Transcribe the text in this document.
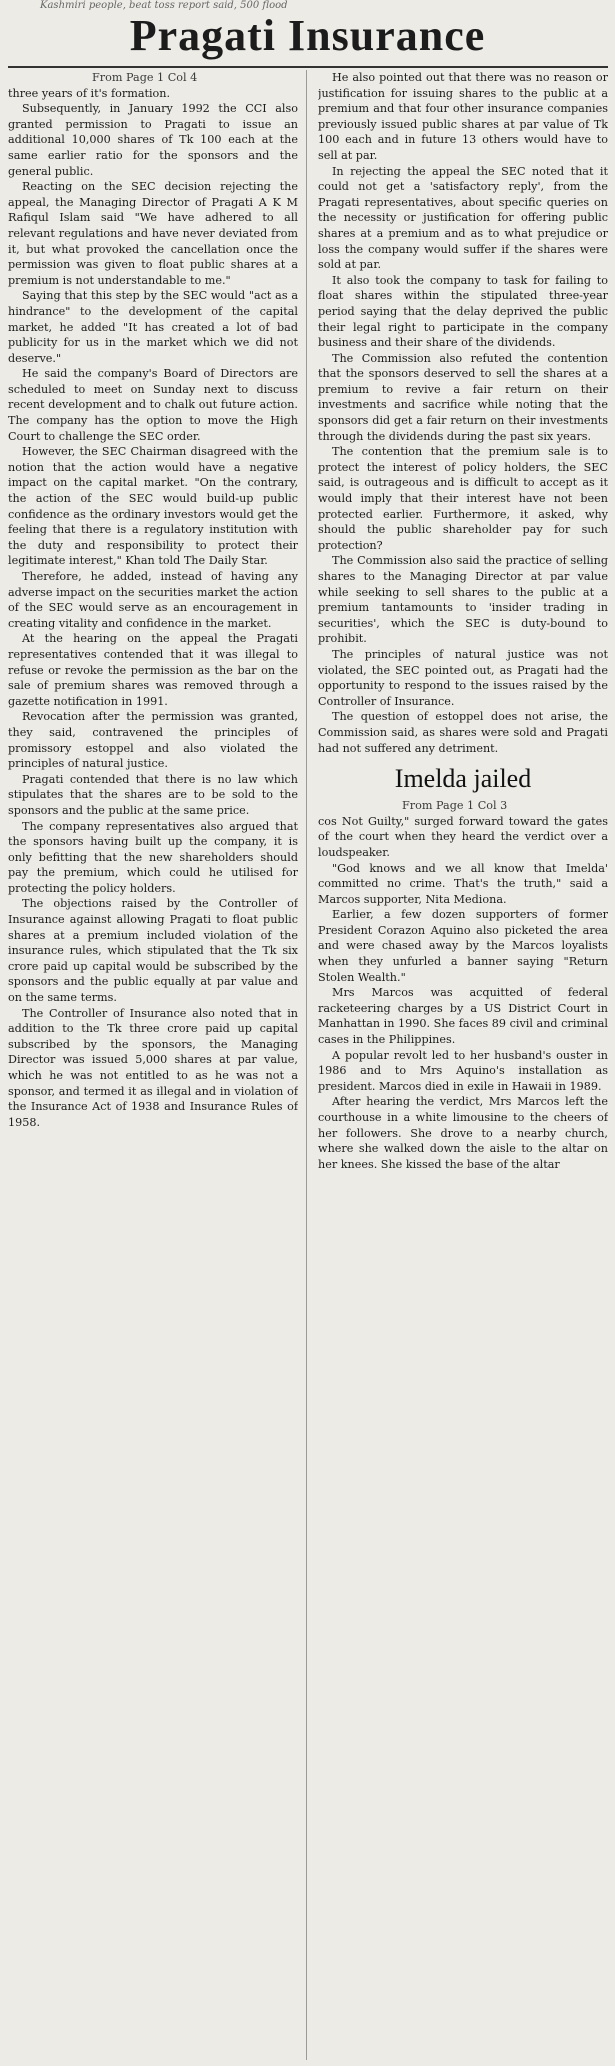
Kashmiri people, beat toss report said, 500 flood
Pragati Insurance

From Page 1 Col 4

three years of it's formation.

Subsequently, in January 1992 the CCI also granted permission to Pragati to issue an additional 10,000 shares of Tk 100 each at the same earlier ratio for the sponsors and the general public.

Reacting on the SEC decision rejecting the appeal, the Managing Director of Pragati A K M Rafiqul Islam said "We have adhered to all relevant regulations and have never deviated from it, but what provoked the cancellation once the permission was given to float public shares at a premium is not understandable to me."

Saying that this step by the SEC would "act as a hindrance" to the development of the capital market, he added "It has created a lot of bad publicity for us in the market which we did not deserve."

He said the company's Board of Directors are scheduled to meet on Sunday next to discuss recent development and to chalk out future action. The company has the option to move the High Court to challenge the SEC order.

However, the SEC Chairman disagreed with the notion that the action would have a negative impact on the capital market. "On the contrary, the action of the SEC would build-up public confidence as the ordinary investors would get the feeling that there is a regulatory institution with the duty and responsibility to protect their legitimate interest," Khan told The Daily Star.

Therefore, he added, instead of having any adverse impact on the securities market the action of the SEC would serve as an encouragement in creating vitality and confidence in the market.

At the hearing on the appeal the Pragati representatives contended that it was illegal to refuse or revoke the permission as the bar on the sale of premium shares was removed through a gazette notification in 1991.

Revocation after the permission was granted, they said, contravened the principles of promissory estoppel and also violated the principles of natural justice.

Pragati contended that there is no law which stipulates that the shares are to be sold to the sponsors and the public at the same price.

The company representatives also argued that the sponsors having built up the company, it is only befitting that the new shareholders should pay the premium, which could he utilised for protecting the policy holders.

The objections raised by the Controller of Insurance against allowing Pragati to float public shares at a premium included violation of the insurance rules, which stipulated that the Tk six crore paid up capital would be subscribed by the sponsors and the public equally at par value and on the same terms.

The Controller of Insurance also noted that in addition to the Tk three crore paid up capital subscribed by the sponsors, the Managing Director was issued 5,000 shares at par value, which he was not entitled to as he was not a sponsor, and termed it as illegal and in violation of the Insurance Act of 1938 and Insurance Rules of 1958.

He also pointed out that there was no reason or justification for issuing shares to the public at a premium and that four other insurance companies previously issued public shares at par value of Tk 100 each and in future 13 others would have to sell at par.

In rejecting the appeal the SEC noted that it could not get a 'satisfactory reply', from the Pragati representatives, about specific queries on the necessity or justification for offering public shares at a premium and as to what prejudice or loss the company would suffer if the shares were sold at par.

It also took the company to task for failing to float shares within the stipulated three-year period saying that the delay deprived the public their legal right to participate in the company business and their share of the dividends.

The Commission also refuted the contention that the sponsors deserved to sell the shares at a premium to revive a fair return on their investments and sacrifice while noting that the sponsors did get a fair return on their investments through the dividends during the past six years.

The contention that the premium sale is to protect the interest of policy holders, the SEC said, is outrageous and is difficult to accept as it would imply that their interest have not been protected earlier. Furthermore, it asked, why should the public shareholder pay for such protection?

The Commission also said the practice of selling shares to the Managing Director at par value while seeking to sell shares to the public at a premium tantamounts to 'insider trading in securities', which the SEC is duty-bound to prohibit.

The principles of natural justice was not violated, the SEC pointed out, as Pragati had the opportunity to respond to the issues raised by the Controller of Insurance.

The question of estoppel does not arise, the Commission said, as shares were sold and Pragati had not suffered any detriment.

Imelda jailed

From Page 1 Col 3

cos Not Guilty," surged forward toward the gates of the court when they heard the verdict over a loudspeaker.

"God knows and we all know that Imelda' committed no crime. That's the truth," said a Marcos supporter, Nita Mediona.

Earlier, a few dozen supporters of former President Corazon Aquino also picketed the area and were chased away by the Marcos loyalists when they unfurled a banner saying "Return Stolen Wealth."

Mrs Marcos was acquitted of federal racketeering charges by a US District Court in Manhattan in 1990. She faces 89 civil and criminal cases in the Philippines.

A popular revolt led to her husband's ouster in 1986 and to Mrs Aquino's installation as president. Marcos died in exile in Hawaii in 1989.

After hearing the verdict, Mrs Marcos left the courthouse in a white limousine to the cheers of her followers. She drove to a nearby church, where she walked down the aisle to the altar on her knees. She kissed the base of the altar
